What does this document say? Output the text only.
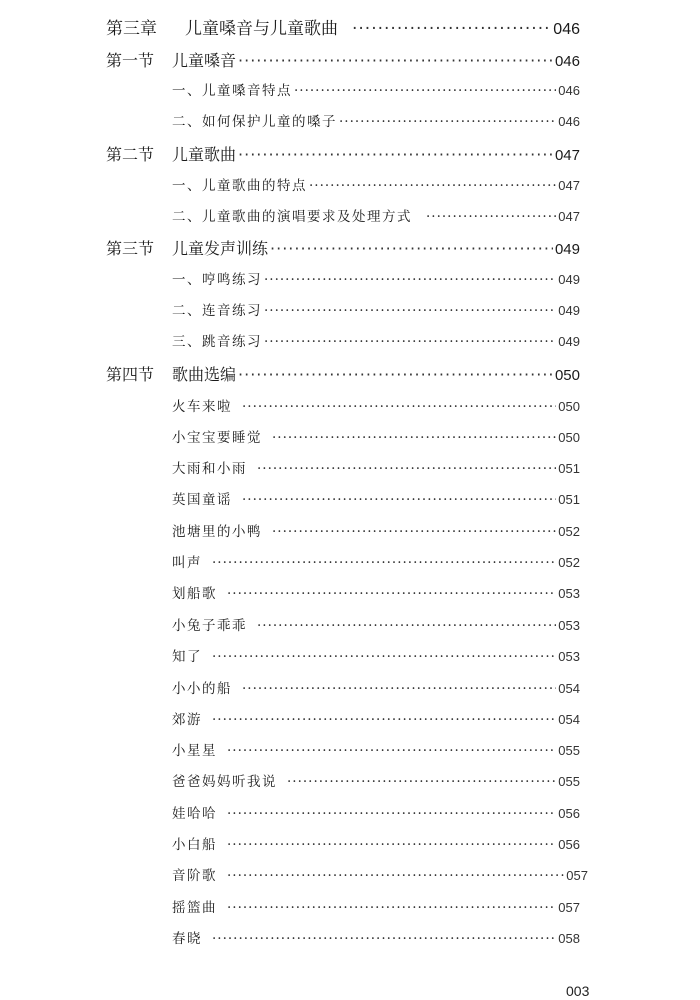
第三章 儿童嗓音与儿童歌曲 ·····	046
第一节 儿童嗓音 ·····	046
一、儿童嗓音特点 ·····	046
二、如何保护儿童的嗓子 ·····	046
第二节 儿童歌曲 ·····	047
一、儿童歌曲的特点 ·····	047
二、儿童歌曲的演唱要求及处理方式 ·····	047
第三节 儿童发声训练 ·····	049
一、哼鸣练习 ·····	049
二、连音练习 ·····	049
三、跳音练习 ·····	049
第四节 歌曲选编 ·····	050
火车来啦 ·····	050
小宝宝要睡觉 ·····	050
大雨和小雨 ·····	051
英国童谣 ·····	051
池塘里的小鸭 ·····	052
叫声 ·····	052
划船歌 ·····	053
小兔子乖乖 ·····	053
知了 ·····	053
小小的船 ·····	054
郊游 ·····	054
小星星 ·····	055
爸爸妈妈听我说 ·····	055
娃哈哈 ·····	056
小白船 ·····	056
音阶歌 ·····	057
摇篮曲 ·····	057
春晓 ·····	058
003
